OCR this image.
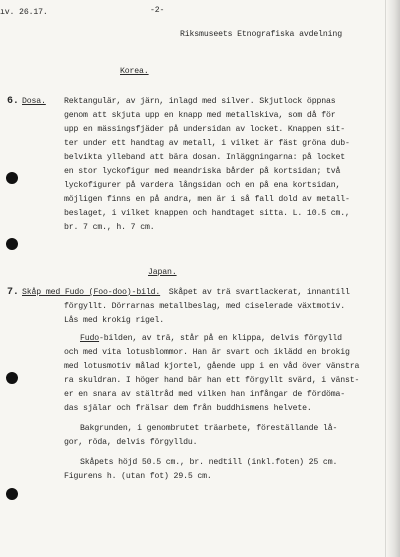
ıv. 26.17.	-2-
Riksmuseets Etnografiska avdelning
Korea.
6. Dosa. Rektangulär, av järn, inlagd med silver. Skjutlock öppnas
genom att skjuta upp en knapp med metallskiva, som då för
upp en mässingsfjäder på undersidan av locket. Knappen sit-
ter under ett handtag av metall, i vilket är fäst gröna dub-
belvikta ylleband att bära dosan. Inläggningarna: på locket
en stor lyckofigur med meandriska bårder på kortsidan; två
lyckofigurer på vardera långsidan och en på ena kortsidan,
möjligen finns en på andra, men är i så fall dold av metall-
beslaget, i vilket knappen och handtaget sitta. L. 10.5 cm.,
br. 7 cm., h. 7 cm.
Japan.
7. Skåp med Fudo (Foo-doo)-bild. Skåpet av trä svartlackerat, innantill
förgyllt. Dörrarnas metallbeslag, med ciselerade växtmotiv.
Lås med krokig rigel.
Fudo -bilden, av trä, står på en klippa, delvis förgylld
och med vita lotusblommor. Han är svart och iklädd en brokig
med lotusmotiv målad kjortel, gående upp i en våd över vänstra
ra skuldran. I höger hand bär han ett förgyllt svärd, i vänst-
er en snara av stältråd med vilken han infångar de fördöma-
das själar och frälsar dem från buddhismens helvete.
Bakgrunden, i genombrutet träarbete, föreställande lå-
gor, röda, delvis förgylldu.
Skåpets höjd 50.5 cm., br. nedtill (inkl.foten) 25 cm.
Figurens h. (utan fot) 29.5 cm.
